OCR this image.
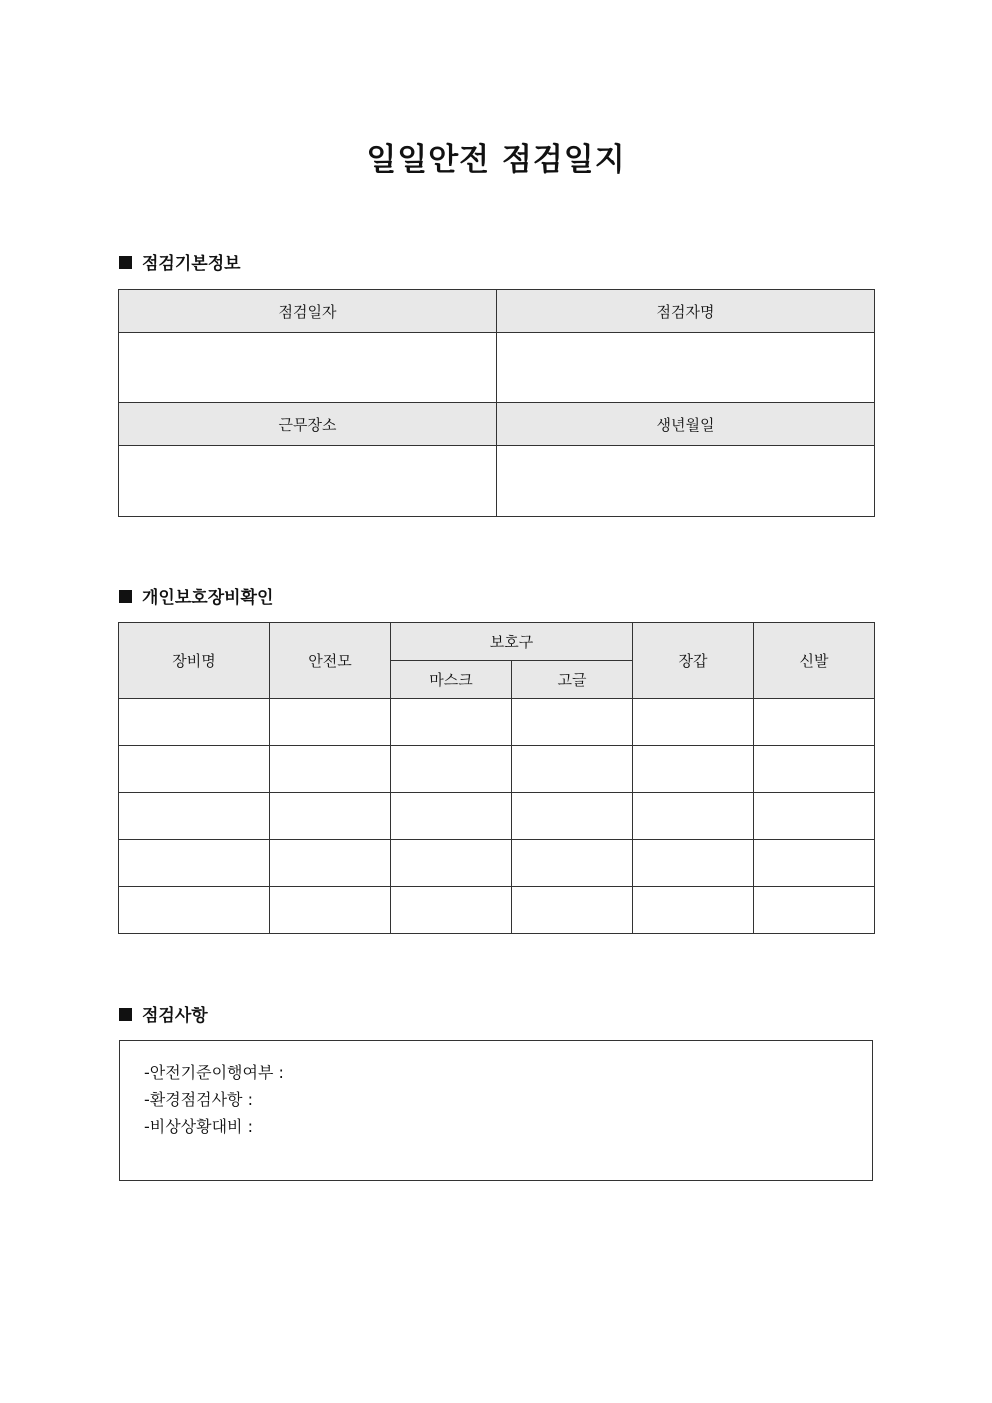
일일안전 점검일지
점검기본정보
점검일자	점검자명

근무장소	생년월일

개인보호장비확인
장비명	안전모	보호구		장갑	신발
		마스크	고글		

점검사항
-안전기준이행여부 :
-환경점검사항 :
-비상상황대비 :
